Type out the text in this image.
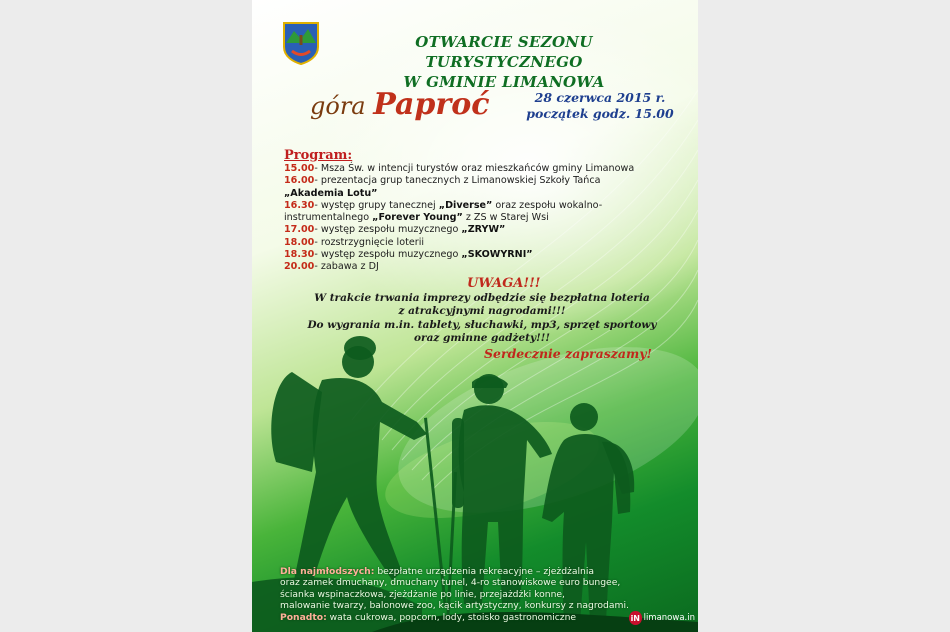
OTWARCIE SEZONU TURYSTYCZNEGO
W GMINIE LIMANOWA
góra Paproć	28 czerwca 2015 r.
początek godz. 15.00
Program:
15.00- Msza Św. w intencji turystów oraz mieszkańców gminy Limanowa
16.00- prezentacja grup tanecznych z Limanowskiej Szkoły Tańca
„Akademia Lotu”
16.30- występ grupy tanecznej „Diverse” oraz zespołu wokalno-
instrumentalnego „Forever Young” z ZS w Starej Wsi
17.00- występ zespołu muzycznego „ZRYW”
18.00- rozstrzygnięcie loterii
18.30- występ zespołu muzycznego „SKOWYRNI”
20.00- zabawa z DJ
UWAGA!!!
W trakcie trwania imprezy odbędzie się bezpłatna loteria
z atrakcyjnymi nagrodami!!!
Do wygrania m.in. tablety, słuchawki, mp3, sprzęt sportowy
oraz gminne gadżety!!!
Serdecznie zapraszamy!
Dla najmłodszych: bezpłatne urządzenia rekreacyjne – zjeżdżalnia
oraz zamek dmuchany, dmuchany tunel, 4-ro stanowiskowe euro bungee,
ścianka wspinaczkowa, zjeżdżanie po linie, przejażdżki konne,
malowanie twarzy, balonowe zoo, kącik artystyczny, konkursy z nagrodami.
Ponadto: wata cukrowa, popcorn, lody, stoisko gastronomiczne	iN limanowa.in
